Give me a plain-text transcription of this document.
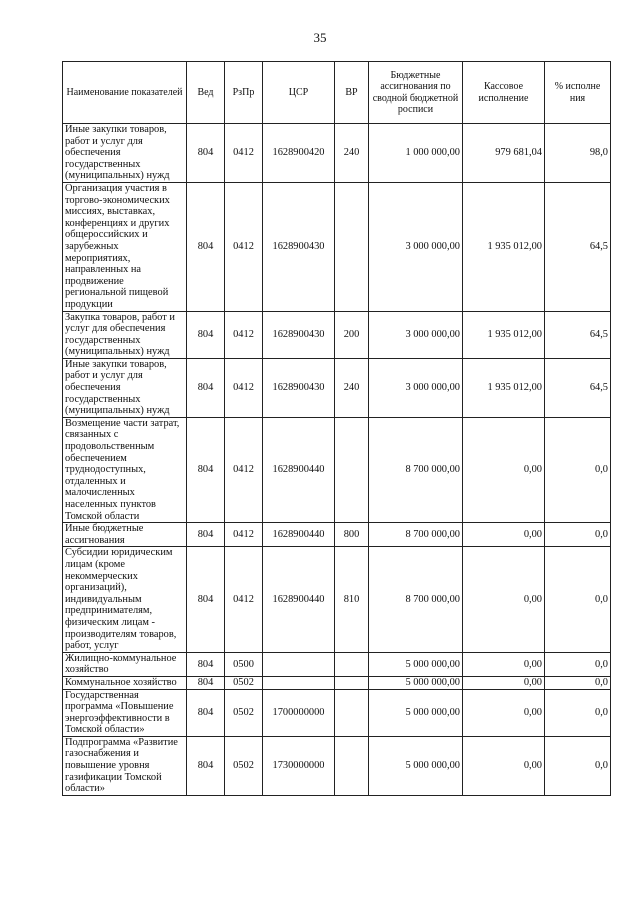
35
Наименование показателей	Вед	РзПр	ЦСР	ВР	Бюджетные ассигнования по сводной бюджетной росписи	Кассовое исполнение	% исполне ния
Иные закупки товаров, работ и услуг для обеспечения государственных (муниципальных) нужд	804	0412	1628900420	240	1 000 000,00	979 681,04	98,0
Организация участия в торгово-экономических миссиях, выставках, конференциях и других общероссийских и зарубежных мероприятиях, направленных на продвижение региональной пищевой продукции	804	0412	1628900430		3 000 000,00	1 935 012,00	64,5
Закупка товаров, работ и услуг для обеспечения государственных (муниципальных) нужд	804	0412	1628900430	200	3 000 000,00	1 935 012,00	64,5
Иные закупки товаров, работ и услуг для обеспечения государственных (муниципальных) нужд	804	0412	1628900430	240	3 000 000,00	1 935 012,00	64,5
Возмещение части затрат, связанных с продовольственным обеспечением труднодоступных, отдаленных и малочисленных населенных пунктов Томской области	804	0412	1628900440		8 700 000,00	0,00	0,0
Иные бюджетные ассигнования	804	0412	1628900440	800	8 700 000,00	0,00	0,0
Субсидии юридическим лицам (кроме некоммерческих организаций), индивидуальным предпринимателям, физическим лицам - производителям товаров, работ, услуг	804	0412	1628900440	810	8 700 000,00	0,00	0,0
Жилищно-коммунальное хозяйство	804	0500			5 000 000,00	0,00	0,0
Коммунальное хозяйство	804	0502			5 000 000,00	0,00	0,0
Государственная программа «Повышение энергоэффективности в Томской области»	804	0502	1700000000		5 000 000,00	0,00	0,0
Подпрограмма «Развитие газоснабжения и повышение уровня газификации Томской области»	804	0502	1730000000		5 000 000,00	0,00	0,0
